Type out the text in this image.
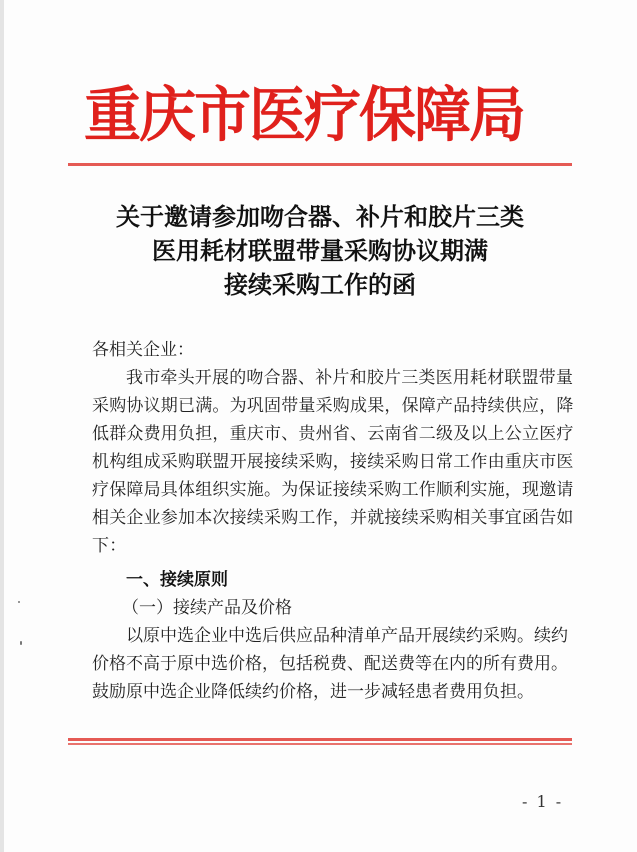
重庆市医疗保障局
关于邀请参加吻合器、补片和胶片三类
医用耗材联盟带量采购协议期满
接续采购工作的函
各相关企业：
我市牵头开展的吻合器、补片和胶片三类医用耗材联盟带量
采购协议期已满。为巩固带量采购成果，保障产品持续供应，降
低群众费用负担，重庆市、贵州省、云南省二级及以上公立医疗
机构组成采购联盟开展接续采购，接续采购日常工作由重庆市医
疗保障局具体组织实施。为保证接续采购工作顺利实施，现邀请
相关企业参加本次接续采购工作，并就接续采购相关事宜函告如
下：
一、接续原则
（一）接续产品及价格
以原中选企业中选后供应品种清单产品开展续约采购。续约
价格不高于原中选价格，包括税费、配送费等在内的所有费用。
鼓励原中选企业降低续约价格，进一步减轻患者费用负担。
- 1 -
